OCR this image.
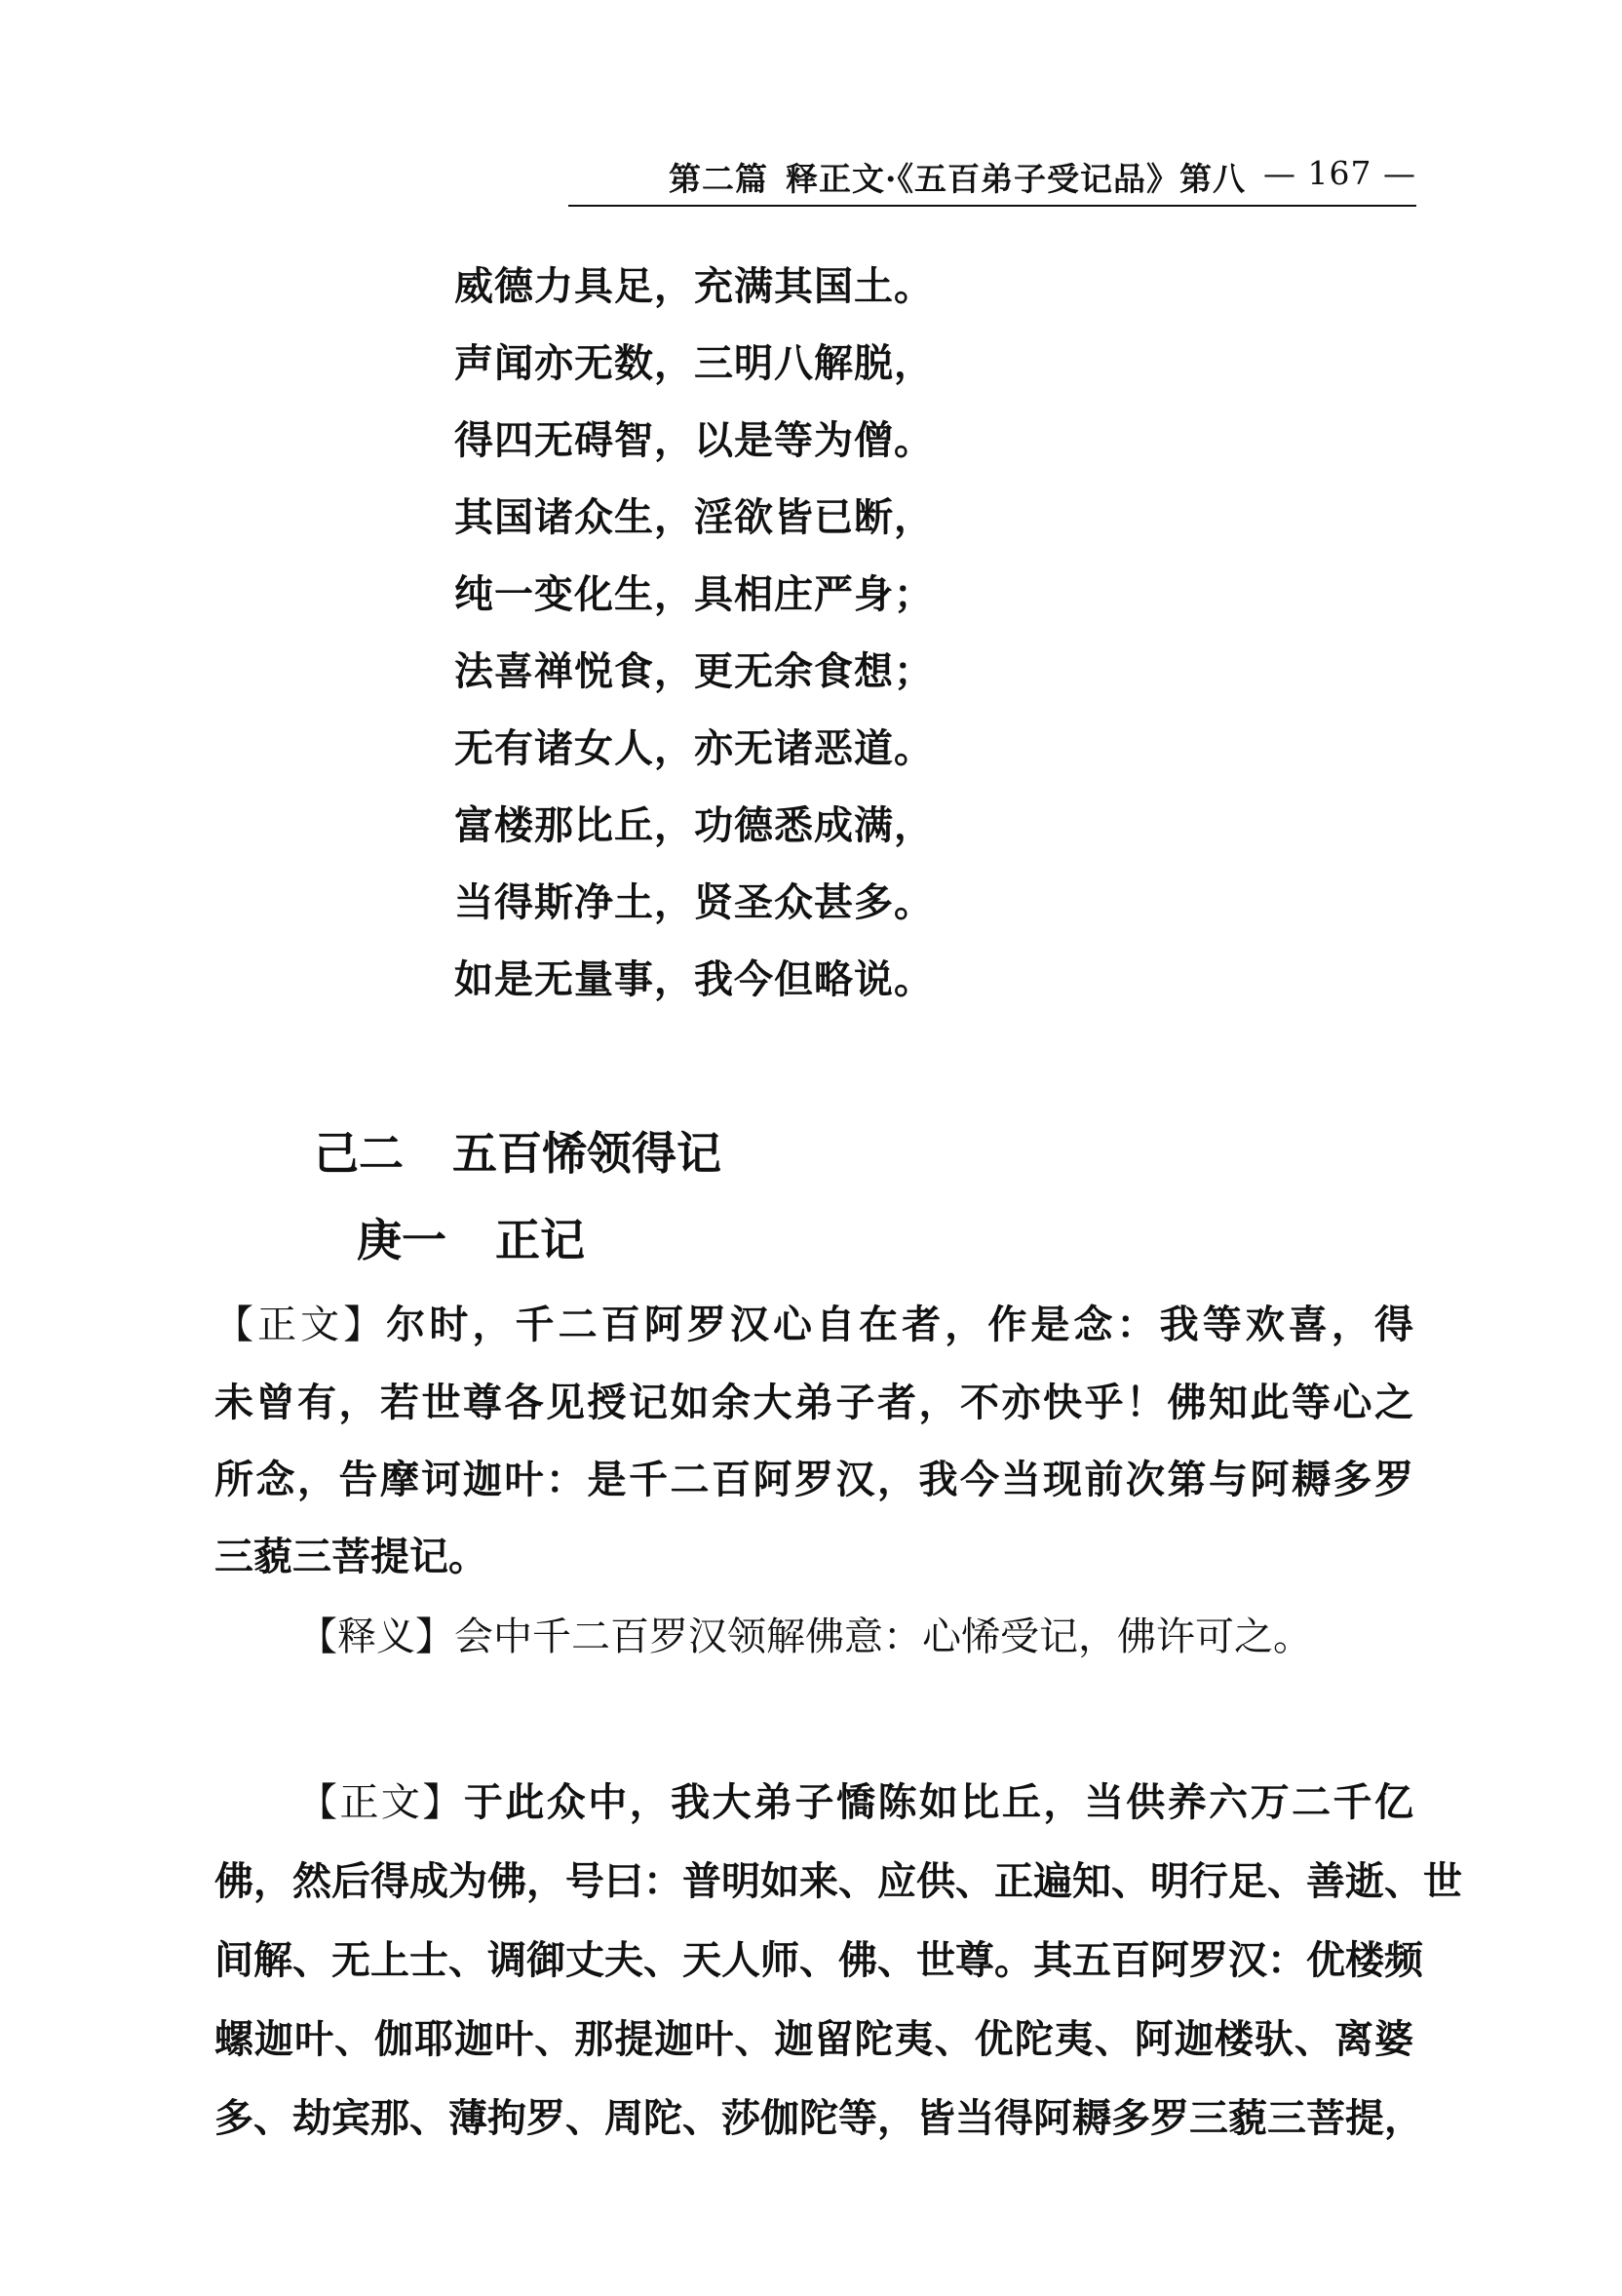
第二篇 释正文·《五百弟子受记品》第八 — 167 —
威德力具足，充满其国土。
声闻亦无数，三明八解脱，
得四无碍智，以是等为僧。
其国诸众生，淫欲皆已断，
纯一变化生，具相庄严身；
法喜禅悦食，更无余食想；
无有诸女人，亦无诸恶道。
富楼那比丘，功德悉成满，
当得斯净土，贤圣众甚多。
如是无量事，我今但略说。
己二 五百悕领得记
庚一 正记
【正文】尔时，千二百阿罗汉心自在者，作是念：我等欢喜，得
未曾有，若世尊各见授记如余大弟子者，不亦快乎！佛知此等心之
所念，告摩诃迦叶：是千二百阿罗汉，我今当现前次第与阿耨多罗
三藐三菩提记。
【释义】会中千二百罗汉领解佛意：心悕受记，佛许可之。
【正文】于此众中，我大弟子憍陈如比丘，当供养六万二千亿
佛，然后得成为佛，号曰：普明如来、应供、正遍知、明行足、善逝、世
间解、无上士、调御丈夫、天人师、佛、世尊。其五百阿罗汉：优楼频
螺迦叶、伽耶迦叶、那提迦叶、迦留陀夷、优陀夷、阿迦楼驮、离婆
多、劫宾那、薄拘罗、周陀、莎伽陀等，皆当得阿耨多罗三藐三菩提，
